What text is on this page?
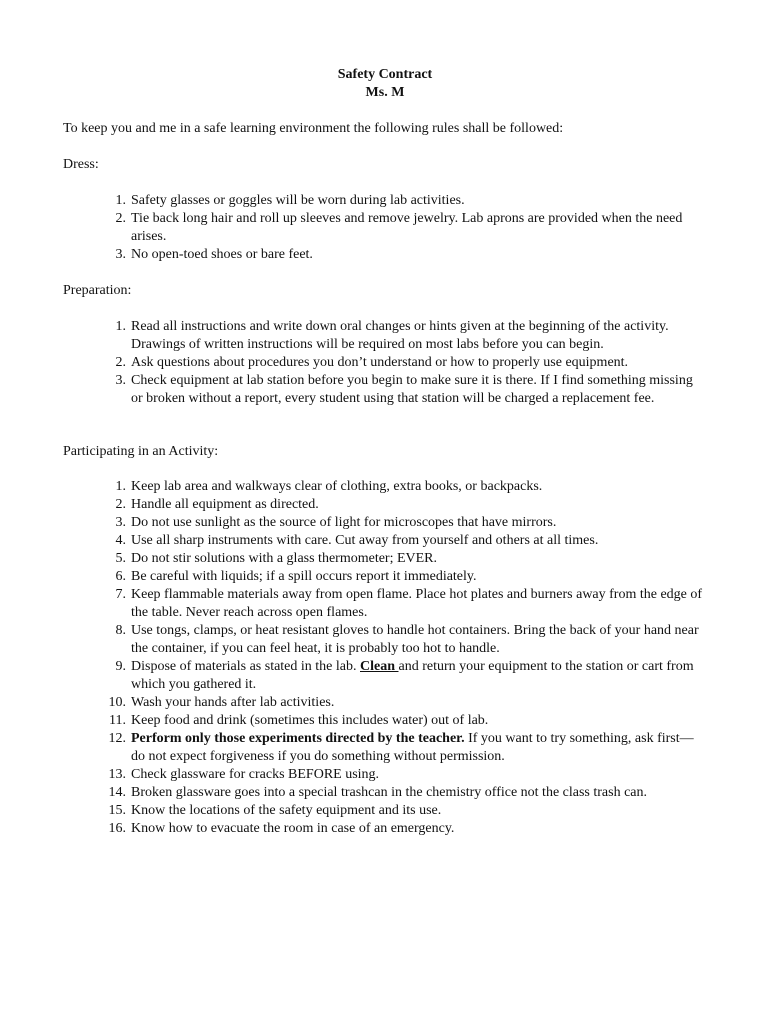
Safety Contract
Ms. M
To keep you and me in a safe learning environment the following rules shall be followed:
Dress:
1. Safety glasses or goggles will be worn during lab activities.
2. Tie back long hair and roll up sleeves and remove jewelry. Lab aprons are provided when the need arises.
3. No open-toed shoes or bare feet.
Preparation:
1. Read all instructions and write down oral changes or hints given at the beginning of the activity. Drawings of written instructions will be required on most labs before you can begin.
2. Ask questions about procedures you don’t understand or how to properly use equipment.
3. Check equipment at lab station before you begin to make sure it is there. If I find something missing or broken without a report, every student using that station will be charged a replacement fee.
Participating in an Activity:
1. Keep lab area and walkways clear of clothing, extra books, or backpacks.
2. Handle all equipment as directed.
3. Do not use sunlight as the source of light for microscopes that have mirrors.
4. Use all sharp instruments with care. Cut away from yourself and others at all times.
5. Do not stir solutions with a glass thermometer; EVER.
6. Be careful with liquids; if a spill occurs report it immediately.
7. Keep flammable materials away from open flame. Place hot plates and burners away from the edge of the table. Never reach across open flames.
8. Use tongs, clamps, or heat resistant gloves to handle hot containers. Bring the back of your hand near the container, if you can feel heat, it is probably too hot to handle.
9. Dispose of materials as stated in the lab. Clean and return your equipment to the station or cart from which you gathered it.
10. Wash your hands after lab activities.
11. Keep food and drink (sometimes this includes water) out of lab.
12. Perform only those experiments directed by the teacher. If you want to try something, ask first—do not expect forgiveness if you do something without permission.
13. Check glassware for cracks BEFORE using.
14. Broken glassware goes into a special trashcan in the chemistry office not the class trash can.
15. Know the locations of the safety equipment and its use.
16. Know how to evacuate the room in case of an emergency.
